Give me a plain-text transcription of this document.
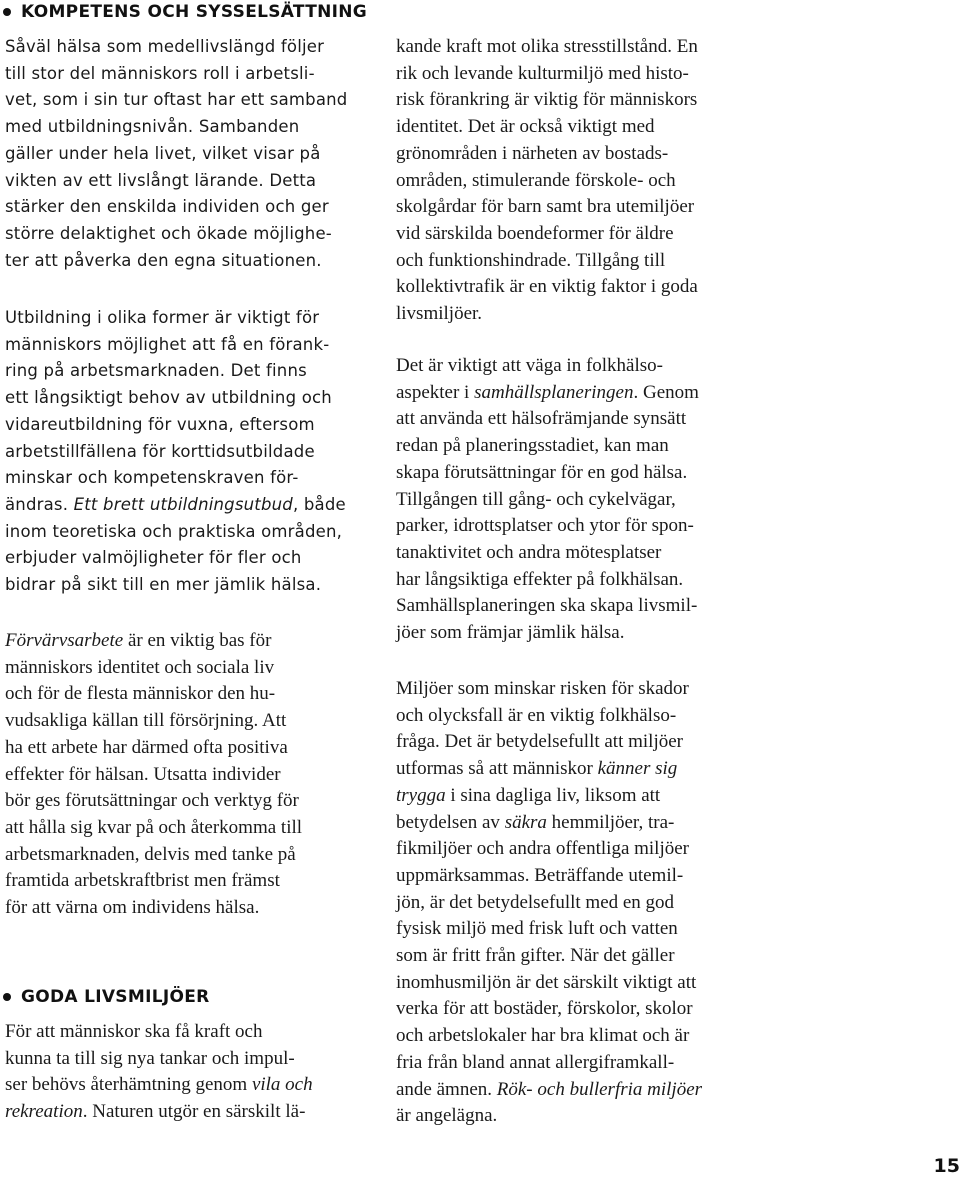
KOMPETENS OCH SYSSELSÄTTNING

Såväl hälsa som medellivslängd följer
till stor del människors roll i arbetsli-
vet, som i sin tur oftast har ett samband
med utbildningsnivån. Sambanden
gäller under hela livet, vilket visar på
vikten av ett livslångt lärande. Detta
stärker den enskilda individen och ger
större delaktighet och ökade möjlighe-
ter att påverka den egna situationen.

Utbildning i olika former är viktigt för
människors möjlighet att få en förank-
ring på arbetsmarknaden. Det finns
ett långsiktigt behov av utbildning och
vidareutbildning för vuxna, eftersom
arbetstillfällena för korttidsutbildade
minskar och kompetenskraven för-
ändras. Ett brett utbildningsutbud, både
inom teoretiska och praktiska områden,
erbjuder valmöjligheter för fler och
bidrar på sikt till en mer jämlik hälsa.

Förvärvsarbete är en viktig bas för
människors identitet och sociala liv
och för de flesta människor den hu-
vudsakliga källan till försörjning. Att
ha ett arbete har därmed ofta positiva
effekter för hälsan. Utsatta individer
bör ges förutsättningar och verktyg för
att hålla sig kvar på och återkomma till
arbetsmarknaden, delvis med tanke på
framtida arbetskraftbrist men främst
för att värna om individens hälsa.

GODA LIVSMILJÖER

För att människor ska få kraft och
kunna ta till sig nya tankar och impul-
ser behövs återhämtning genom vila och
rekreation. Naturen utgör en särskilt lä-

kande kraft mot olika stresstillstånd. En
rik och levande kulturmiljö med histo-
risk förankring är viktig för människors
identitet. Det är också viktigt med
grönområden i närheten av bostads-
områden, stimulerande förskole- och
skolgårdar för barn samt bra utemiljöer
vid särskilda boendeformer för äldre
och funktionshindrade. Tillgång till
kollektivtrafik är en viktig faktor i goda
livsmiljöer.

Det är viktigt att väga in folkhälso-
aspekter i samhällsplaneringen. Genom
att använda ett hälsofrämjande synsätt
redan på planeringsstadiet, kan man
skapa förutsättningar för en god hälsa.
Tillgången till gång- och cykelvägar,
parker, idrottsplatser och ytor för spon-
tanaktivitet och andra mötesplatser
har långsiktiga effekter på folkhälsan.
Samhällsplaneringen ska skapa livsmil-
jöer som främjar jämlik hälsa.

Miljöer som minskar risken för skador
och olycksfall är en viktig folkhälso-
fråga. Det är betydelsefullt att miljöer
utformas så att människor känner sig
trygga i sina dagliga liv, liksom att
betydelsen av säkra hemmiljöer, tra-
fikmiljöer och andra offentliga miljöer
uppmärksammas. Beträffande utemil-
jön, är det betydelsefullt med en god
fysisk miljö med frisk luft och vatten
som är fritt från gifter. När det gäller
inomhusmiljön är det särskilt viktigt att
verka för att bostäder, förskolor, skolor
och arbetslokaler har bra klimat och är
fria från bland annat allergiframkall-
ande ämnen. Rök- och bullerfria miljöer
är angelägna.

15
